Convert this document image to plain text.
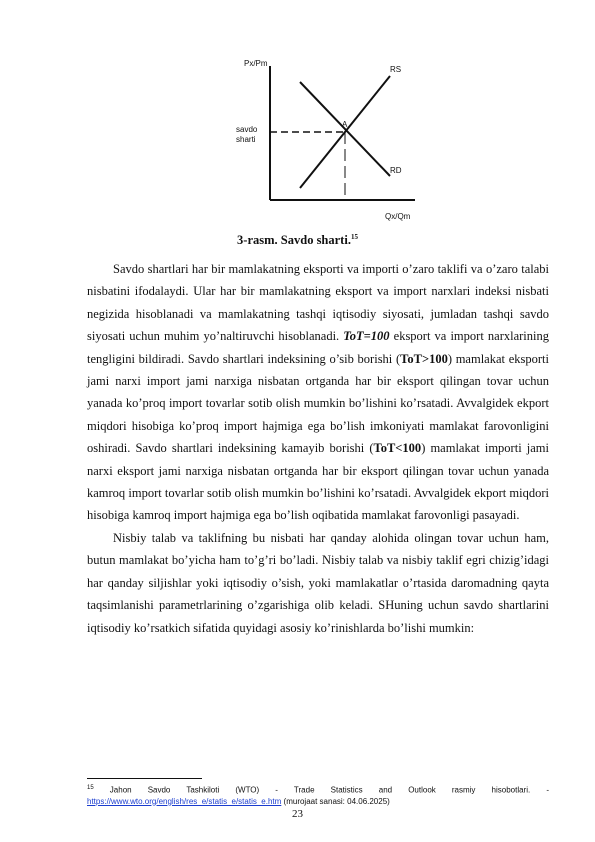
Px/Pm
savdo
sharti
RS
RD
A
Qx/Qm
3-rasm. Savdo sharti.$^{15}$

Savdo shartlari har bir mamlakatning eksporti va importi o’zaro taklifi va o’zaro talabi nisbatini ifodalaydi. Ular har bir mamlakatning eksport va import narxlari indeksi nisbati negizida hisoblanadi va mamlakatning tashqi iqtisodiy siyosati, jumladan tashqi savdo siyosati uchun muhim yo’naltiruvchi hisoblanadi. ToT=100 eksport va import narxlarining tengligini bildiradi. Savdo shartlari indeksining o’sib borishi (ToT>100) mamlakat eksporti jami narxi import jami narxiga nisbatan ortganda har bir eksport qilingan tovar uchun yanada ko’proq import tovarlar sotib olish mumkin bo’lishini ko’rsatadi. Avvalgidek ekport miqdori hisobiga ko’proq import hajmiga ega bo’lish imkoniyati mamlakat farovonligini oshiradi. Savdo shartlari indeksining kamayib borishi (ToT<100) mamlakat importi jami narxi eksport jami narxiga nisbatan ortganda har bir eksport qilingan tovar uchun yanada kamroq import tovarlar sotib olish mumkin bo’lishini ko’rsatadi. Avvalgidek ekport miqdori hisobiga kamroq import hajmiga ega bo’lish oqibatida mamlakat farovonligi pasayadi.

Nisbiy talab va taklifning bu nisbati har qanday alohida olingan tovar uchun ham, butun mamlakat bo’yicha ham to’g’ri bo’ladi. Nisbiy talab va nisbiy taklif egri chizig’idagi har qanday siljishlar yoki iqtisodiy o’sish, yoki mamlakatlar o’rtasida daromadning qayta taqsimlanishi parametrlarining o’zgarishiga olib keladi. SHuning uchun savdo shartlarini iqtisodiy ko’rsatkich sifatida quyidagi asosiy ko’rinishlarda bo’lishi mumkin:

$^{15}$ Jahon Savdo Tashkiloti (WTO) - Trade Statistics and Outlook rasmiy hisobotlari. - https://www.wto.org/english/res_e/statis_e/statis_e.htm (murojaat sanasi: 04.06.2025)
23
